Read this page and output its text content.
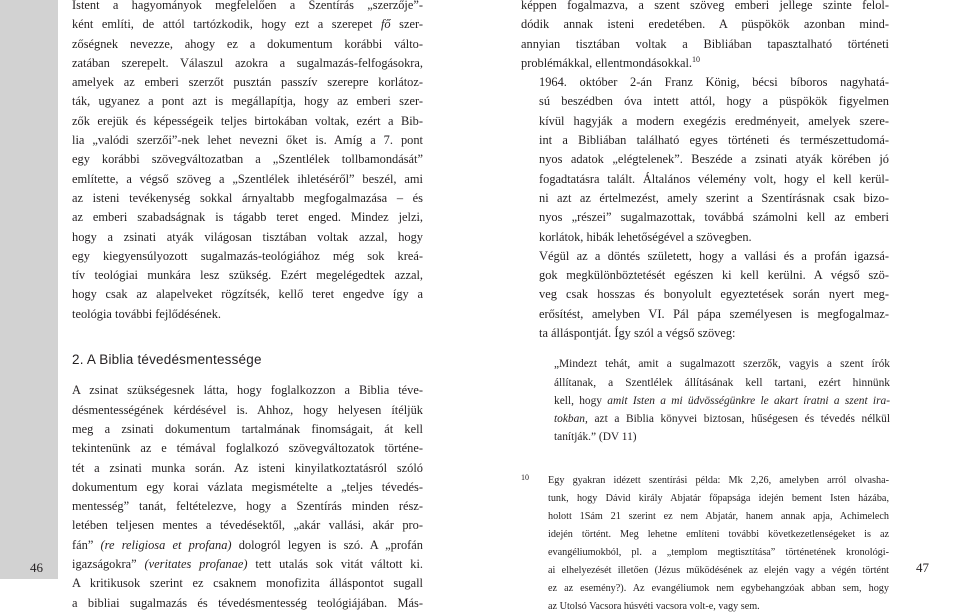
46

Istent a hagyományok megfelelően a Szentírás „szerzője”-
ként említi, de attól tartózkodik, hogy ezt a szerepet fő szer-
zőségnek nevezze, ahogy ez a dokumentum korábbi válto-
zatában szerepelt. Válaszul azokra a sugalmazás-felfogásokra,
amelyek az emberi szerzőt pusztán passzív szerepre korlátoz-
ták, ugyanez a pont azt is megállapítja, hogy az emberi szer-
zők erejük és képességeik teljes birtokában voltak, ezért a Bib-
lia „valódi szerzői”-nek lehet nevezni őket is. Amíg a 7. pont
egy korábbi szövegváltozatban a „Szentlélek tollbamondását”
említette, a végső szöveg a „Szentlélek ihletéséről” beszél, ami
az isteni tevékenység sokkal árnyaltabb megfogalmazása – és
az emberi szabadságnak is tágabb teret enged. Mindez jelzi,
hogy a zsinati atyák világosan tisztában voltak azzal, hogy
egy kiegyensúlyozott sugalmazás-teológiához még sok kreá-
tív teológiai munkára lesz szükség. Ezért megelégedtek azzal,
hogy csak az alapelveket rögzítsék, kellő teret engedve így a
teológia további fejlődésének.

2. A Biblia tévedésmentessége

A zsinat szükségesnek látta, hogy foglalkozzon a Biblia téve-
désmentességének kérdésével is. Ahhoz, hogy helyesen ítéljük
meg a zsinati dokumentum tartalmának finomságait, át kell
tekintenünk az e témával foglalkozó szövegváltozatok történe-
tét a zsinati munka során. Az isteni kinyilatkoztatásról szóló
dokumentum egy korai vázlata megismételte a „teljes tévedés-
mentesség” tanát, feltételezve, hogy a Szentírás minden rész-
letében teljesen mentes a tévedésektől, „akár vallási, akár pro-
fán” (re religiosa et profana) dologról legyen is szó. A „profán
igazságokra” (veritates profanae) tett utalás sok vitát váltott ki.
A kritikusok szerint ez csaknem monofizita álláspontot sugall
a bibliai sugalmazás és tévedésmentesség teológiájában. Más-

47

képpen fogalmazva, a szent szöveg emberi jellege szinte felol-
dódik annak isteni eredetében. A püspökök azonban mind-
annyian tisztában voltak a Bibliában tapasztalható történeti
problémákkal, ellentmondásokkal.$^{10}$

1964. október 2-án Franz König, bécsi bíboros nagyhatá-
sú beszédben óva intett attól, hogy a püspökök figyelmen
kívül hagyják a modern exegézis eredményeit, amelyek szere-
int a Bibliában található egyes történeti és természettudomá-
nyos adatok „elégtelenek”. Beszéde a zsinati atyák körében jó
fogadtatásra talált. Általános vélemény volt, hogy el kell kerül-
ni azt az értelmezést, amely szerint a Szentírásnak csak bizo-
nyos „részei” sugalmazottak, továbbá számolni kell az emberi
korlátok, hibák lehetőségével a szövegben.

Végül az a döntés született, hogy a vallási és a profán igazsá-
gok megkülönböztetését egészen ki kell kerülni. A végső szö-
veg csak hosszas és bonyolult egyeztetések során nyert meg-
erősítést, amelyben VI. Pál pápa személyesen is megfogalmaz-
ta álláspontját. Így szól a végső szöveg:

„Mindezt tehát, amit a sugalmazott szerzők, vagyis a szent írók
állítanak, a Szentlélek állításának kell tartani, ezért hinnünk
kell, hogy amit Isten a mi üdvösségünkre le akart íratni a szent ira-
tokban, azt a Biblia könyvei biztosan, hűségesen és tévedés nélkül
tanítják.” (DV 11)
10 Egy gyakran idézett szentírási példa: Mk 2,26, amelyben arról olvasha-
tunk, hogy Dávid király Abjatár főpapsága idején bement Isten házába,
holott 1Sám 21 szerint ez nem Abjatár, hanem annak apja, Achimelech
idején történt. Meg lehetne említeni további következetlenségeket is az
evangéliumokból, pl. a „templom megtisztítása” történetének kronológi-
ai elhelyezését illetően (Jézus működésének az elején vagy a végén történt
ez az esemény?). Az evangéliumok nem egybehangzóak abban sem, hogy
az Utolsó Vacsora húsvéti vacsora volt-e, vagy sem.
